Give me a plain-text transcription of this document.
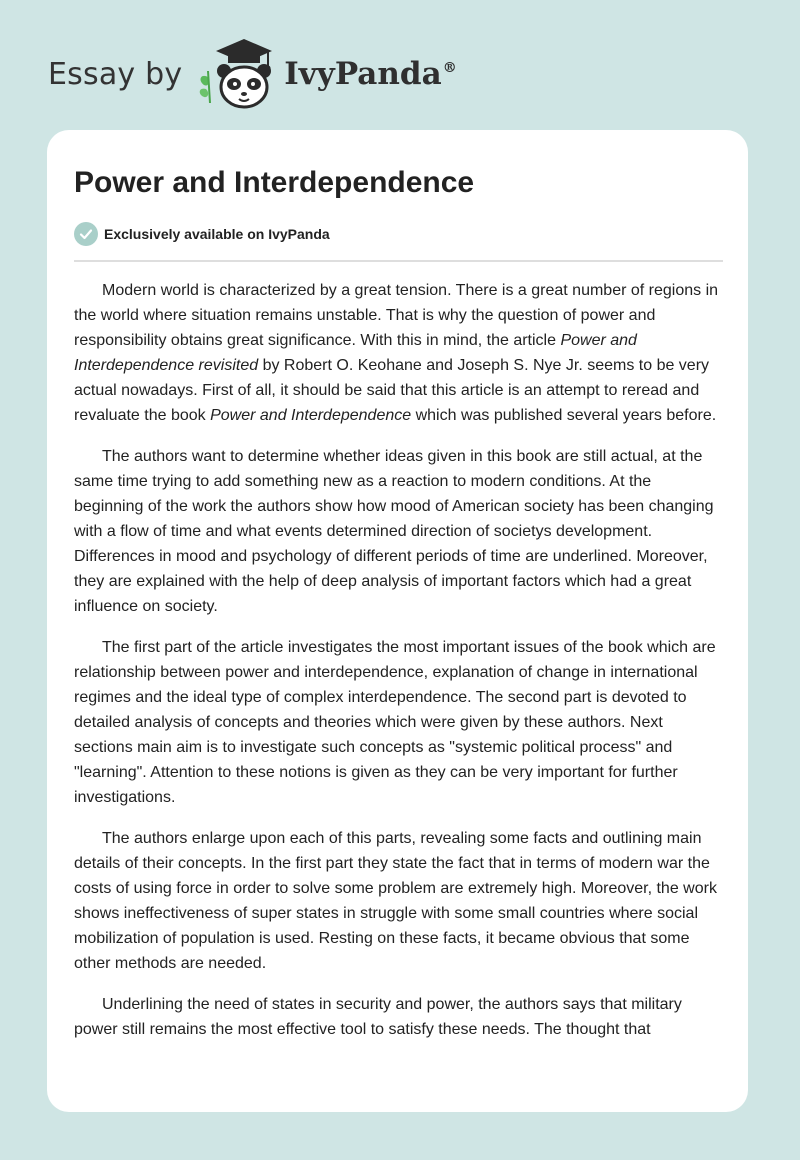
Essay by	IvyPanda®
Power and Interdependence
Exclusively available on IvyPanda

Modern world is characterized by a great tension. There is a great number of regions in the world where situation remains unstable. That is why the question of power and responsibility obtains great significance. With this in mind, the article Power and Interdependence revisited by Robert O. Keohane and Joseph S. Nye Jr. seems to be very actual nowadays. First of all, it should be said that this article is an attempt to reread and revaluate the book Power and Interdependence which was published several years before.

The authors want to determine whether ideas given in this book are still actual, at the same time trying to add something new as a reaction to modern conditions. At the beginning of the work the authors show how mood of American society has been changing with a flow of time and what events determined direction of societys development. Differences in mood and psychology of different periods of time are underlined. Moreover, they are explained with the help of deep analysis of important factors which had a great influence on society.

The first part of the article investigates the most important issues of the book which are relationship between power and interdependence, explanation of change in international regimes and the ideal type of complex interdependence. The second part is devoted to detailed analysis of concepts and theories which were given by these authors. Next sections main aim is to investigate such concepts as "systemic political process" and "learning". Attention to these notions is given as they can be very important for further investigations.

The authors enlarge upon each of this parts, revealing some facts and outlining main details of their concepts. In the first part they state the fact that in terms of modern war the costs of using force in order to solve some problem are extremely high. Moreover, the work shows ineffectiveness of super states in struggle with some small countries where social mobilization of population is used. Resting on these facts, it became obvious that some other methods are needed.

Underlining the need of states in security and power, the authors says that military power still remains the most effective tool to satisfy these needs. The thought that
